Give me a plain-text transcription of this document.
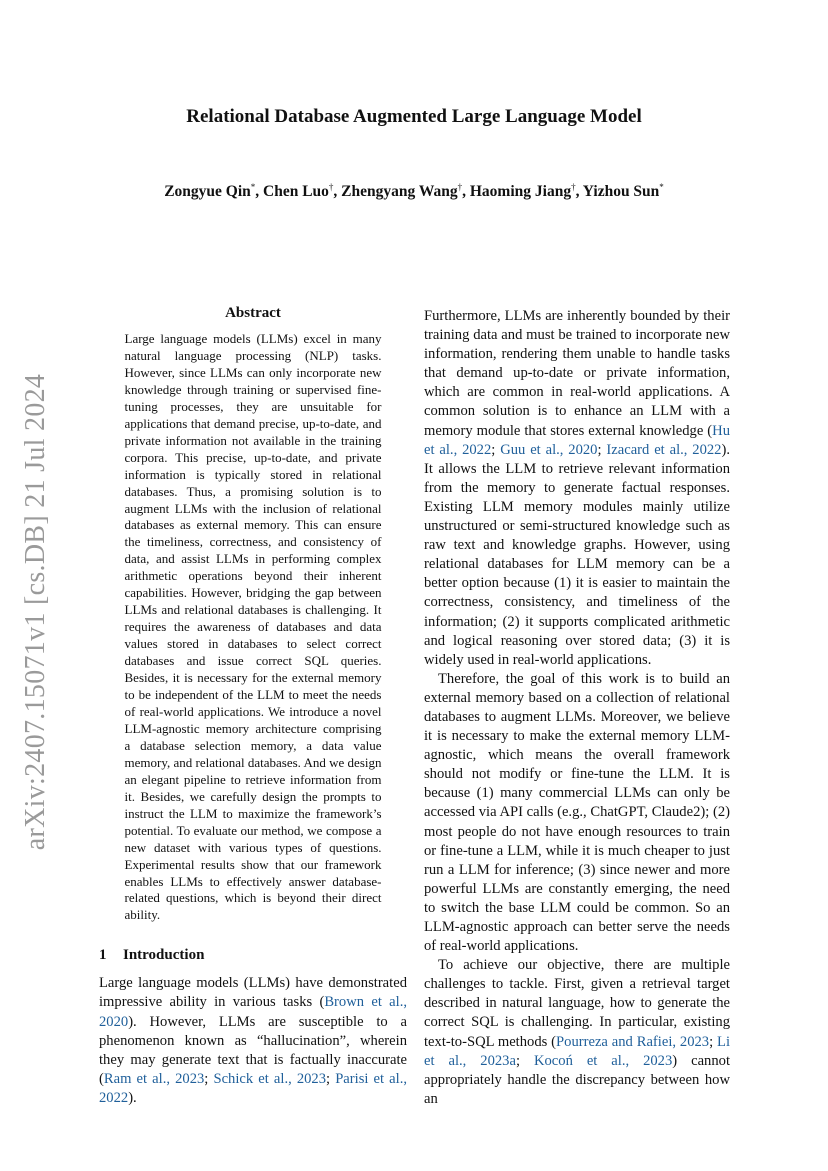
arXiv:2407.15071v1 [cs.DB] 21 Jul 2024
Relational Database Augmented Large Language Model
Zongyue Qin*, Chen Luo†, Zhengyang Wang†, Haoming Jiang†, Yizhou Sun*
Abstract

Large language models (LLMs) excel in many natural language processing (NLP) tasks. However, since LLMs can only incorporate new knowledge through training or supervised fine-tuning processes, they are unsuitable for applications that demand precise, up-to-date, and private information not available in the training corpora. This precise, up-to-date, and private information is typically stored in relational databases. Thus, a promising solution is to augment LLMs with the inclusion of relational databases as external memory. This can ensure the timeliness, correctness, and consistency of data, and assist LLMs in performing complex arithmetic operations beyond their inherent capabilities. However, bridging the gap between LLMs and relational databases is challenging. It requires the awareness of databases and data values stored in databases to select correct databases and issue correct SQL queries. Besides, it is necessary for the external memory to be independent of the LLM to meet the needs of real-world applications. We introduce a novel LLM-agnostic memory architecture comprising a database selection memory, a data value memory, and relational databases. And we design an elegant pipeline to retrieve information from it. Besides, we carefully design the prompts to instruct the LLM to maximize the framework’s potential. To evaluate our method, we compose a new dataset with various types of questions. Experimental results show that our framework enables LLMs to effectively answer database-related questions, which is beyond their direct ability.

1 Introduction

Large language models (LLMs) have demonstrated impressive ability in various tasks (Brown et al., 2020). However, LLMs are susceptible to a phenomenon known as “hallucination”, wherein they may generate text that is factually inaccurate (Ram et al., 2023; Schick et al., 2023; Parisi et al., 2022).

Furthermore, LLMs are inherently bounded by their training data and must be trained to incorporate new information, rendering them unable to handle tasks that demand up-to-date or private information, which are common in real-world applications. A common solution is to enhance an LLM with a memory module that stores external knowledge (Hu et al., 2022; Guu et al., 2020; Izacard et al., 2022). It allows the LLM to retrieve relevant information from the memory to generate factual responses. Existing LLM memory modules mainly utilize unstructured or semi-structured knowledge such as raw text and knowledge graphs. However, using relational databases for LLM memory can be a better option because (1) it is easier to maintain the correctness, consistency, and timeliness of the information; (2) it supports complicated arithmetic and logical reasoning over stored data; (3) it is widely used in real-world applications.

Therefore, the goal of this work is to build an external memory based on a collection of relational databases to augment LLMs. Moreover, we believe it is necessary to make the external memory LLM-agnostic, which means the overall framework should not modify or fine-tune the LLM. It is because (1) many commercial LLMs can only be accessed via API calls (e.g., ChatGPT, Claude2); (2) most people do not have enough resources to train or fine-tune a LLM, while it is much cheaper to just run a LLM for inference; (3) since newer and more powerful LLMs are constantly emerging, the need to switch the base LLM could be common. So an LLM-agnostic approach can better serve the needs of real-world applications.

To achieve our objective, there are multiple challenges to tackle. First, given a retrieval target described in natural language, how to generate the correct SQL is challenging. In particular, existing text-to-SQL methods (Pourreza and Rafiei, 2023; Li et al., 2023a; Kocoń et al., 2023) cannot appropriately handle the discrepancy between how an
